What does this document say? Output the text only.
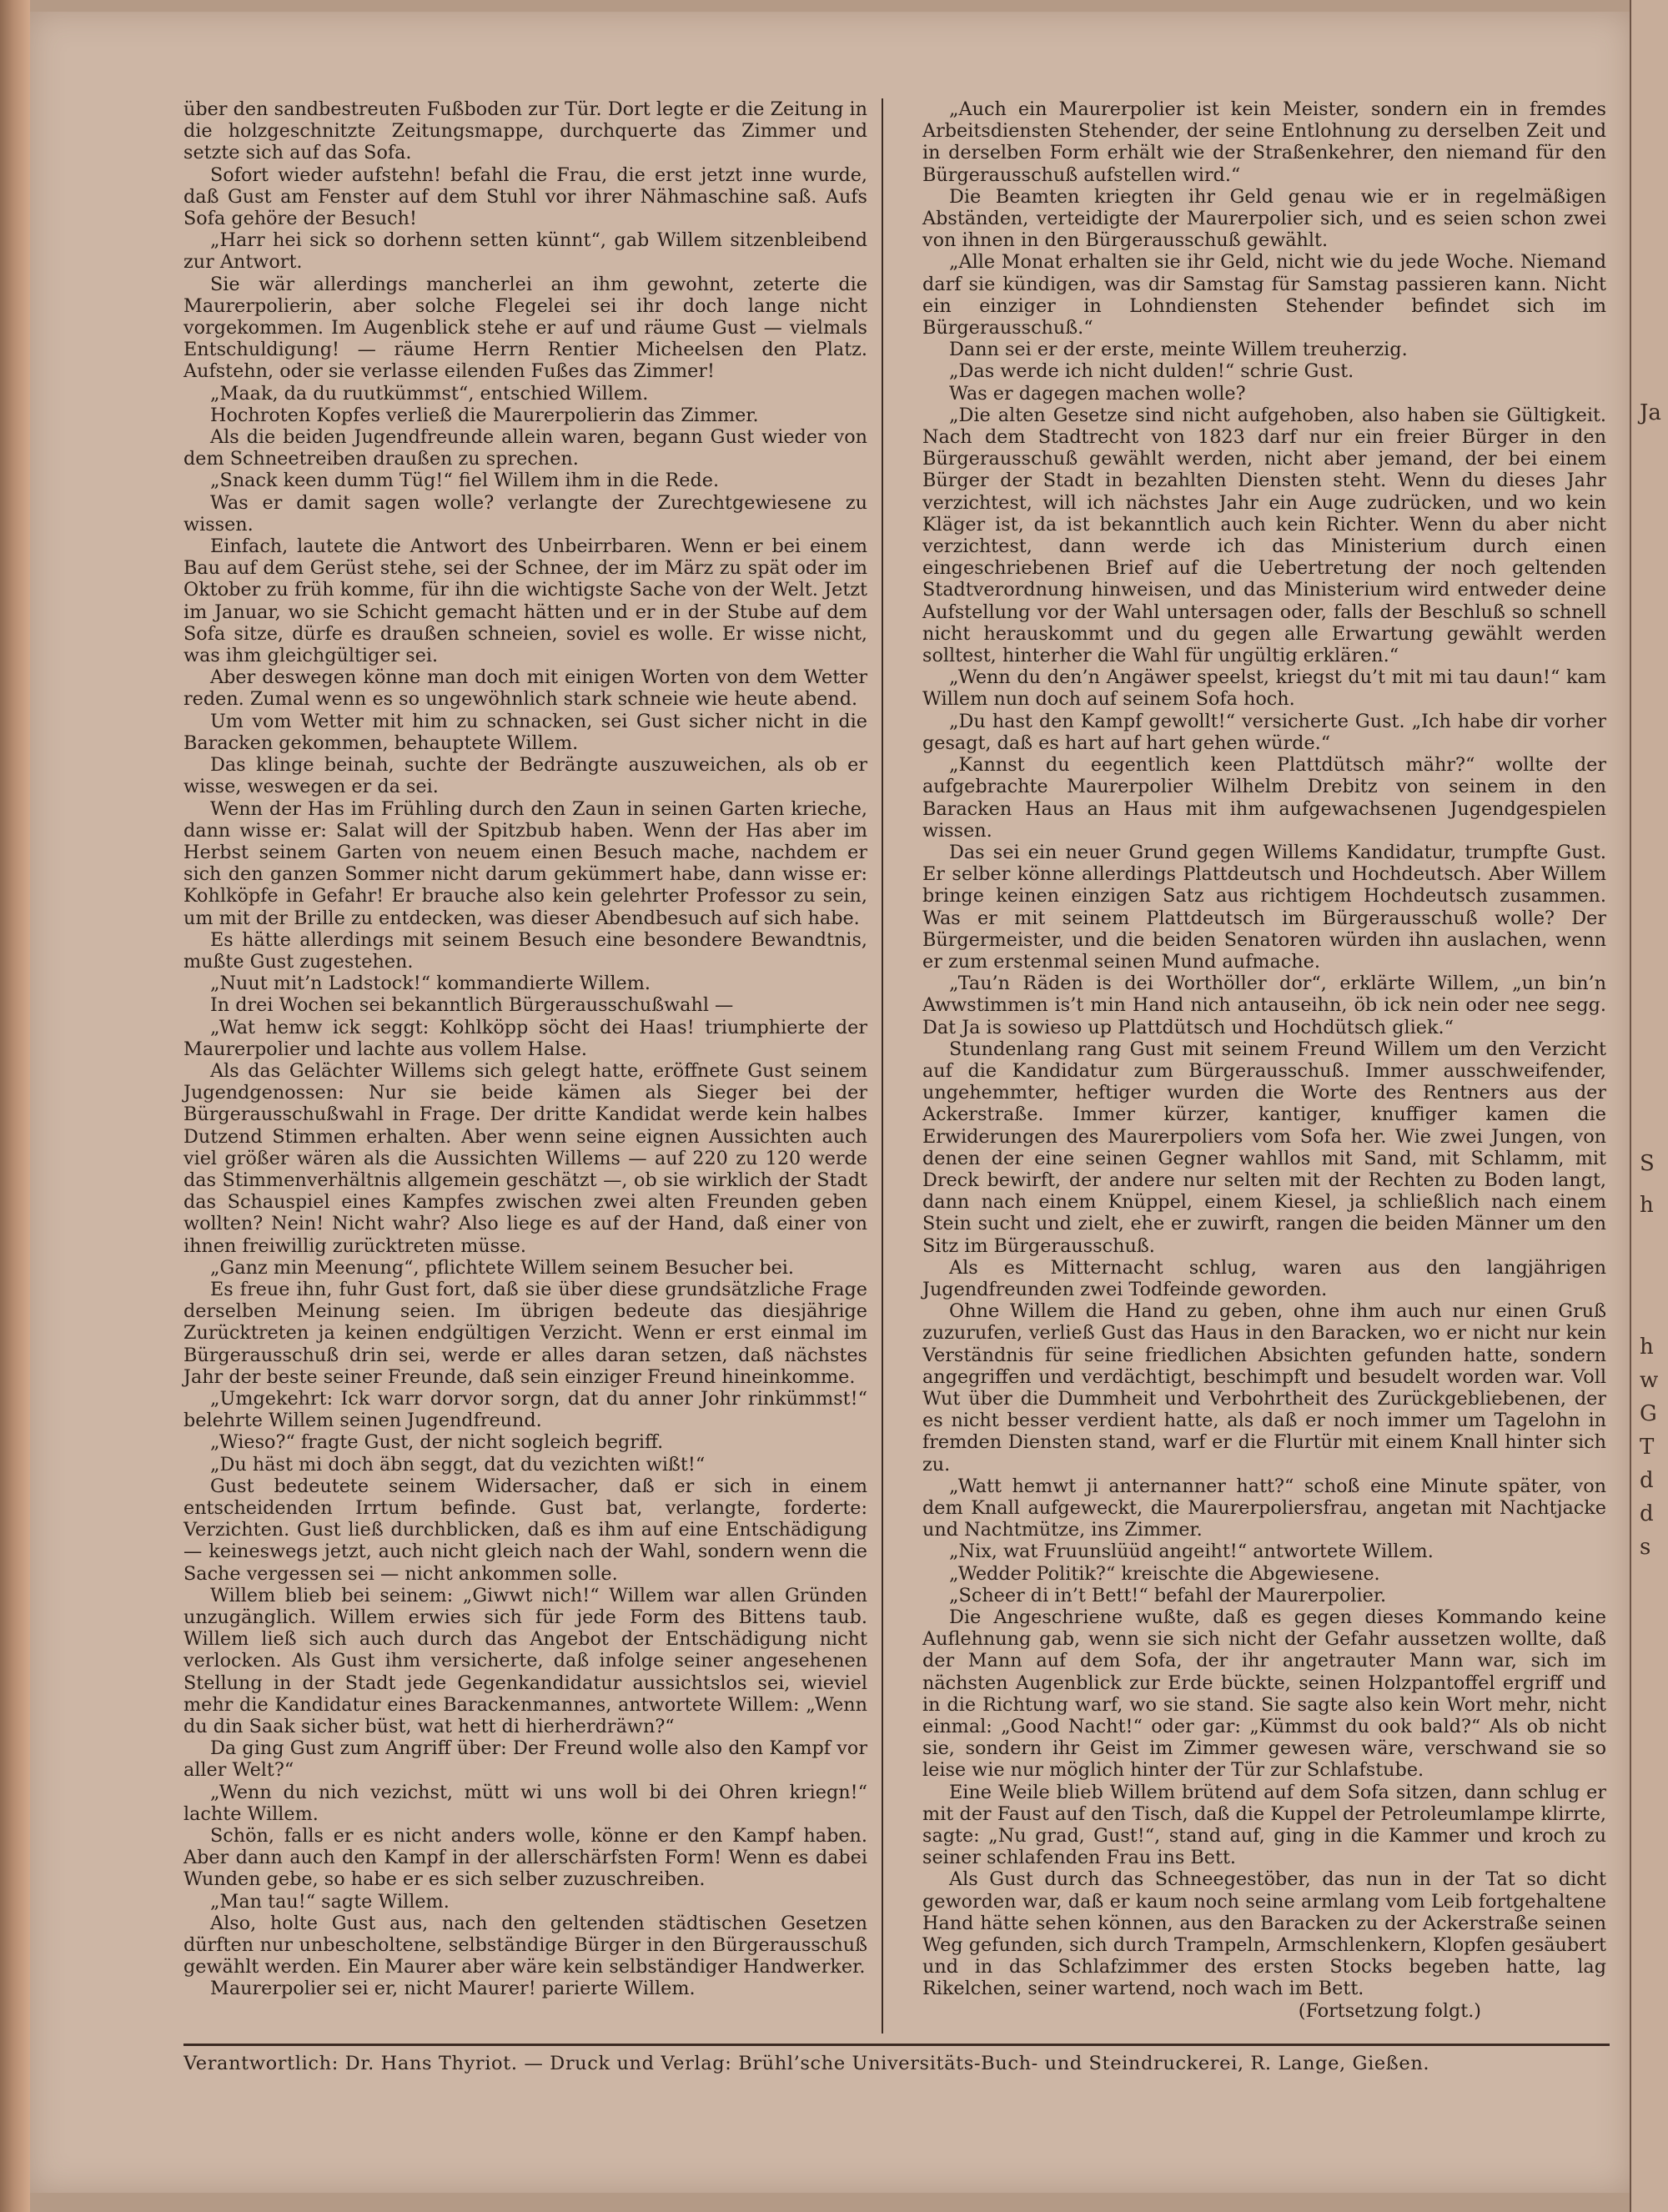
Ja
S
h
h
w
G
T
d
d
s

über den sandbestreuten Fußboden zur Tür. Dort legte er die Zeitung in die holzgeschnitzte Zeitungsmappe, durchquerte das Zimmer und setzte sich auf das Sofa.

Sofort wieder aufstehn! befahl die Frau, die erst jetzt inne wurde, daß Gust am Fenster auf dem Stuhl vor ihrer Nähmaschine saß. Aufs Sofa gehöre der Besuch!

„Harr hei sick so dorhenn setten künnt“, gab Willem sitzenbleibend zur Antwort.

Sie wär allerdings mancherlei an ihm gewohnt, zeterte die Maurerpolierin, aber solche Flegelei sei ihr doch lange nicht vorgekommen. Im Augenblick stehe er auf und räume Gust — vielmals Entschuldigung! — räume Herrn Rentier Micheelsen den Platz. Aufstehn, oder sie verlasse eilenden Fußes das Zimmer!

„Maak, da du ruutkümmst“, entschied Willem.

Hochroten Kopfes verließ die Maurerpolierin das Zimmer.

Als die beiden Jugendfreunde allein waren, begann Gust wieder von dem Schneetreiben draußen zu sprechen.

„Snack keen dumm Tüg!“ fiel Willem ihm in die Rede.

Was er damit sagen wolle? verlangte der Zurechtgewiesene zu wissen.

Einfach, lautete die Antwort des Unbeirrbaren. Wenn er bei einem Bau auf dem Gerüst stehe, sei der Schnee, der im März zu spät oder im Oktober zu früh komme, für ihn die wichtigste Sache von der Welt. Jetzt im Januar, wo sie Schicht gemacht hätten und er in der Stube auf dem Sofa sitze, dürfe es draußen schneien, soviel es wolle. Er wisse nicht, was ihm gleichgültiger sei.

Aber deswegen könne man doch mit einigen Worten von dem Wetter reden. Zumal wenn es so ungewöhnlich stark schneie wie heute abend.

Um vom Wetter mit him zu schnacken, sei Gust sicher nicht in die Baracken gekommen, behauptete Willem.

Das klinge beinah, suchte der Bedrängte auszuweichen, als ob er wisse, weswegen er da sei.

Wenn der Has im Frühling durch den Zaun in seinen Garten krieche, dann wisse er: Salat will der Spitzbub haben. Wenn der Has aber im Herbst seinem Garten von neuem einen Besuch mache, nachdem er sich den ganzen Sommer nicht darum gekümmert habe, dann wisse er: Kohlköpfe in Gefahr! Er brauche also kein gelehrter Professor zu sein, um mit der Brille zu entdecken, was dieser Abendbesuch auf sich habe.

Es hätte allerdings mit seinem Besuch eine besondere Bewandtnis, mußte Gust zugestehen.

„Nuut mit’n Ladstock!“ kommandierte Willem.

In drei Wochen sei bekanntlich Bürgerausschußwahl —

„Wat hemw ick seggt: Kohlköpp söcht dei Haas! triumphierte der Maurerpolier und lachte aus vollem Halse.

Als das Gelächter Willems sich gelegt hatte, eröffnete Gust seinem Jugendgenossen: Nur sie beide kämen als Sieger bei der Bürgerausschußwahl in Frage. Der dritte Kandidat werde kein halbes Dutzend Stimmen erhalten. Aber wenn seine eignen Aussichten auch viel größer wären als die Aussichten Willems — auf 220 zu 120 werde das Stimmenverhältnis allgemein geschätzt —, ob sie wirklich der Stadt das Schauspiel eines Kampfes zwischen zwei alten Freunden geben wollten? Nein! Nicht wahr? Also liege es auf der Hand, daß einer von ihnen freiwillig zurücktreten müsse.

„Ganz min Meenung“, pflichtete Willem seinem Besucher bei.

Es freue ihn, fuhr Gust fort, daß sie über diese grundsätzliche Frage derselben Meinung seien. Im übrigen bedeute das diesjährige Zurücktreten ja keinen endgültigen Verzicht. Wenn er erst einmal im Bürgerausschuß drin sei, werde er alles daran setzen, daß nächstes Jahr der beste seiner Freunde, daß sein einziger Freund hineinkomme.

„Umgekehrt: Ick warr dorvor sorgn, dat du anner Johr rinkümmst!“ belehrte Willem seinen Jugendfreund.

„Wieso?“ fragte Gust, der nicht sogleich begriff.

„Du häst mi doch äbn seggt, dat du vezichten wißt!“

Gust bedeutete seinem Widersacher, daß er sich in einem entscheidenden Irrtum befinde. Gust bat, verlangte, forderte: Verzichten. Gust ließ durchblicken, daß es ihm auf eine Entschädigung — keineswegs jetzt, auch nicht gleich nach der Wahl, sondern wenn die Sache vergessen sei — nicht ankommen solle.

Willem blieb bei seinem: „Giwwt nich!“ Willem war allen Gründen unzugänglich. Willem erwies sich für jede Form des Bittens taub. Willem ließ sich auch durch das Angebot der Entschädigung nicht verlocken. Als Gust ihm versicherte, daß infolge seiner angesehenen Stellung in der Stadt jede Gegenkandidatur aussichtslos sei, wieviel mehr die Kandidatur eines Barackenmannes, antwortete Willem: „Wenn du din Saak sicher büst, wat hett di hierherdräwn?“

Da ging Gust zum Angriff über: Der Freund wolle also den Kampf vor aller Welt?“

„Wenn du nich vezichst, mütt wi uns woll bi dei Ohren kriegn!“ lachte Willem.

Schön, falls er es nicht anders wolle, könne er den Kampf haben. Aber dann auch den Kampf in der allerschärfsten Form! Wenn es dabei Wunden gebe, so habe er es sich selber zuzuschreiben.

„Man tau!“ sagte Willem.

Also, holte Gust aus, nach den geltenden städtischen Gesetzen dürften nur unbescholtene, selbständige Bürger in den Bürgerausschuß gewählt werden. Ein Maurer aber wäre kein selbständiger Handwerker.

Maurerpolier sei er, nicht Maurer! parierte Willem.

„Auch ein Maurerpolier ist kein Meister, sondern ein in fremdes Arbeitsdiensten Stehender, der seine Entlohnung zu derselben Zeit und in derselben Form erhält wie der Straßenkehrer, den niemand für den Bürgerausschuß aufstellen wird.“

Die Beamten kriegten ihr Geld genau wie er in regelmäßigen Abständen, verteidigte der Maurerpolier sich, und es seien schon zwei von ihnen in den Bürgerausschuß gewählt.

„Alle Monat erhalten sie ihr Geld, nicht wie du jede Woche. Niemand darf sie kündigen, was dir Samstag für Samstag passieren kann. Nicht ein einziger in Lohndiensten Stehender befindet sich im Bürgerausschuß.“

Dann sei er der erste, meinte Willem treuherzig.

„Das werde ich nicht dulden!“ schrie Gust.

Was er dagegen machen wolle?

„Die alten Gesetze sind nicht aufgehoben, also haben sie Gültigkeit. Nach dem Stadtrecht von 1823 darf nur ein freier Bürger in den Bürgerausschuß gewählt werden, nicht aber jemand, der bei einem Bürger der Stadt in bezahlten Diensten steht. Wenn du dieses Jahr verzichtest, will ich nächstes Jahr ein Auge zudrücken, und wo kein Kläger ist, da ist bekanntlich auch kein Richter. Wenn du aber nicht verzichtest, dann werde ich das Ministerium durch einen eingeschriebenen Brief auf die Uebertretung der noch geltenden Stadtverordnung hinweisen, und das Ministerium wird entweder deine Aufstellung vor der Wahl untersagen oder, falls der Beschluß so schnell nicht herauskommt und du gegen alle Erwartung gewählt werden solltest, hinterher die Wahl für ungültig erklären.“

„Wenn du den’n Angäwer speelst, kriegst du’t mit mi tau daun!“ kam Willem nun doch auf seinem Sofa hoch.

„Du hast den Kampf gewollt!“ versicherte Gust. „Ich habe dir vorher gesagt, daß es hart auf hart gehen würde.“

„Kannst du eegentlich keen Plattdütsch mähr?“ wollte der aufgebrachte Maurerpolier Wilhelm Drebitz von seinem in den Baracken Haus an Haus mit ihm aufgewachsenen Jugendgespielen wissen.

Das sei ein neuer Grund gegen Willems Kandidatur, trumpfte Gust. Er selber könne allerdings Plattdeutsch und Hochdeutsch. Aber Willem bringe keinen einzigen Satz aus richtigem Hochdeutsch zusammen. Was er mit seinem Plattdeutsch im Bürgerausschuß wolle? Der Bürgermeister, und die beiden Senatoren würden ihn auslachen, wenn er zum erstenmal seinen Mund aufmache.

„Tau’n Räden is dei Worthöller dor“, erklärte Willem, „un bin’n Awwstimmen is’t min Hand nich antauseihn, öb ick nein oder nee segg. Dat Ja is sowieso up Plattdütsch und Hochdütsch gliek.“

Stundenlang rang Gust mit seinem Freund Willem um den Verzicht auf die Kandidatur zum Bürgerausschuß. Immer ausschweifender, ungehemmter, heftiger wurden die Worte des Rentners aus der Ackerstraße. Immer kürzer, kantiger, knuffiger kamen die Erwiderungen des Maurerpoliers vom Sofa her. Wie zwei Jungen, von denen der eine seinen Gegner wahllos mit Sand, mit Schlamm, mit Dreck bewirft, der andere nur selten mit der Rechten zu Boden langt, dann nach einem Knüppel, einem Kiesel, ja schließlich nach einem Stein sucht und zielt, ehe er zuwirft, rangen die beiden Männer um den Sitz im Bürgerausschuß.

Als es Mitternacht schlug, waren aus den langjährigen Jugendfreunden zwei Todfeinde geworden.

Ohne Willem die Hand zu geben, ohne ihm auch nur einen Gruß zuzurufen, verließ Gust das Haus in den Baracken, wo er nicht nur kein Verständnis für seine friedlichen Absichten gefunden hatte, sondern angegriffen und verdächtigt, beschimpft und besudelt worden war. Voll Wut über die Dummheit und Verbohrtheit des Zurückgebliebenen, der es nicht besser verdient hatte, als daß er noch immer um Tagelohn in fremden Diensten stand, warf er die Flurtür mit einem Knall hinter sich zu.

„Watt hemwt ji anternanner hatt?“ schoß eine Minute später, von dem Knall aufgeweckt, die Maurerpoliersfrau, angetan mit Nachtjacke und Nachtmütze, ins Zimmer.

„Nix, wat Fruunslüüd angeiht!“ antwortete Willem.

„Wedder Politik?“ kreischte die Abgewiesene.

„Scheer di in’t Bett!“ befahl der Maurerpolier.

Die Angeschriene wußte, daß es gegen dieses Kommando keine Auflehnung gab, wenn sie sich nicht der Gefahr aussetzen wollte, daß der Mann auf dem Sofa, der ihr angetrauter Mann war, sich im nächsten Augenblick zur Erde bückte, seinen Holzpantoffel ergriff und in die Richtung warf, wo sie stand. Sie sagte also kein Wort mehr, nicht einmal: „Good Nacht!“ oder gar: „Kümmst du ook bald?“ Als ob nicht sie, sondern ihr Geist im Zimmer gewesen wäre, verschwand sie so leise wie nur möglich hinter der Tür zur Schlafstube.

Eine Weile blieb Willem brütend auf dem Sofa sitzen, dann schlug er mit der Faust auf den Tisch, daß die Kuppel der Petroleumlampe klirrte, sagte: „Nu grad, Gust!“, stand auf, ging in die Kammer und kroch zu seiner schlafenden Frau ins Bett.

Als Gust durch das Schneegestöber, das nun in der Tat so dicht geworden war, daß er kaum noch seine armlang vom Leib fortgehaltene Hand hätte sehen können, aus den Baracken zu der Ackerstraße seinen Weg gefunden, sich durch Trampeln, Armschlenkern, Klopfen gesäubert und in das Schlafzimmer des ersten Stocks begeben hatte, lag Rikelchen, seiner wartend, noch wach im Bett.

(Fortsetzung folgt.)

Verantwortlich: Dr. Hans Thyriot. — Druck und Verlag: Brühl’sche Universitäts-Buch- und Steindruckerei, R. Lange, Gießen.
